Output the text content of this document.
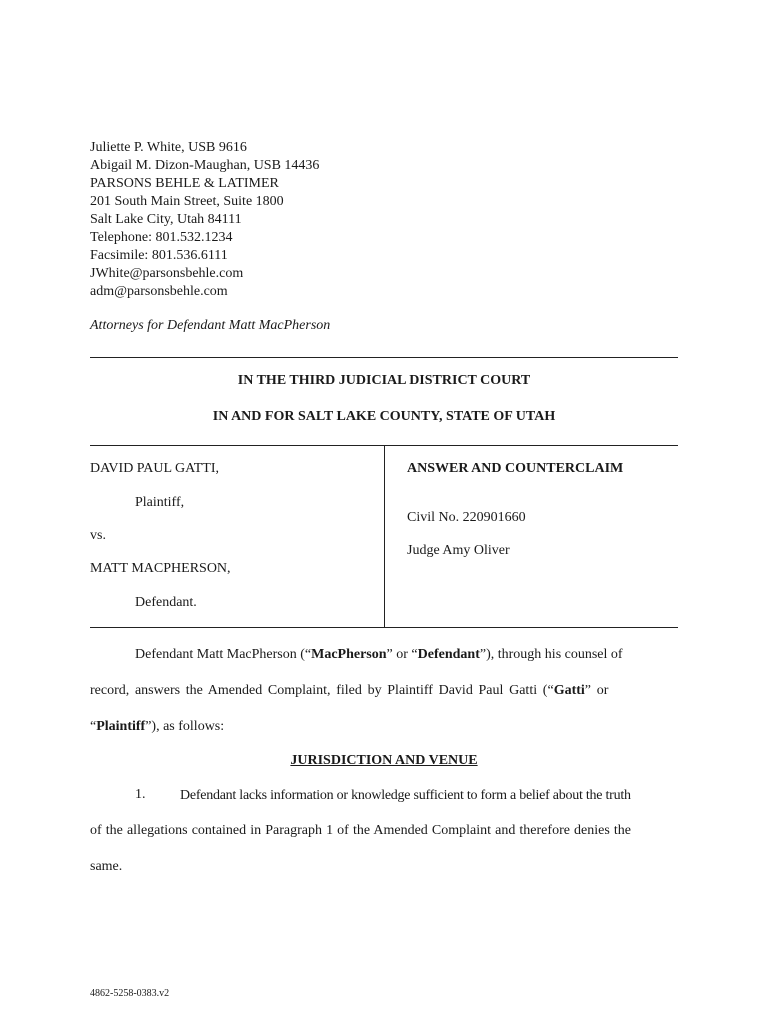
Juliette P. White, USB 9616
Abigail M. Dizon-Maughan, USB 14436
PARSONS BEHLE & LATIMER
201 South Main Street, Suite 1800
Salt Lake City, Utah 84111
Telephone: 801.532.1234
Facsimile: 801.536.6111
JWhite@parsonsbehle.com
adm@parsonsbehle.com
Attorneys for Defendant Matt MacPherson
IN THE THIRD JUDICIAL DISTRICT COURT
IN AND FOR SALT LAKE COUNTY, STATE OF UTAH
DAVID PAUL GATTI,
Plaintiff,
vs.
MATT MACPHERSON,
Defendant.
ANSWER AND COUNTERCLAIM
Civil No. 220901660
Judge Amy Oliver
Defendant Matt MacPherson (“MacPherson” or “Defendant”), through his counsel of
record, answers the Amended Complaint, filed by Plaintiff David Paul Gatti (“Gatti” or
“Plaintiff”), as follows:
JURISDICTION AND VENUE
1. Defendant lacks information or knowledge sufficient to form a belief about the truth
of the allegations contained in Paragraph 1 of the Amended Complaint and therefore denies the
same.
4862-5258-0383.v2
